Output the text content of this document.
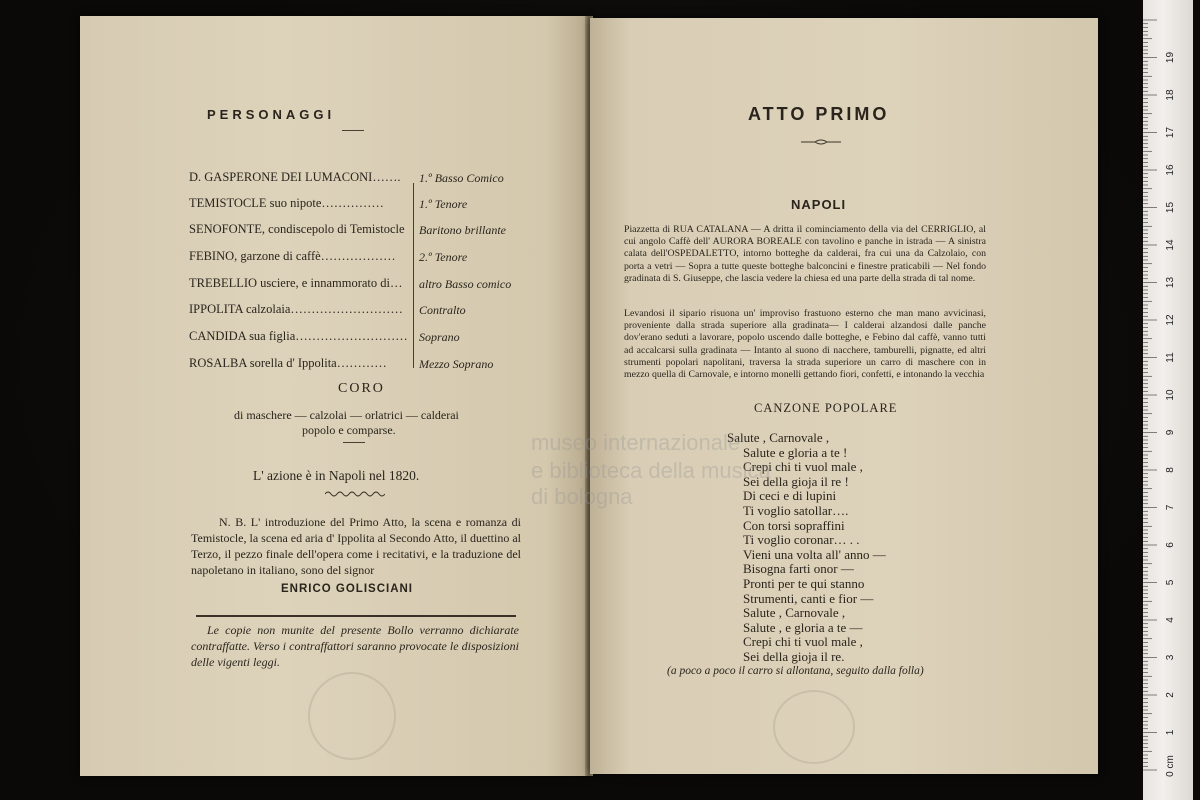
PERSONAGGI
D. GASPERONE DEI LUMACONI……. 1.º Basso Comico
TEMISTOCLE suo nipote……………	1.º Tenore
SENOFONTE, condiscepolo di Temistocle Baritono brillante
FEBINO, garzone di caffè……………… 2.º Tenore
TREBELLIO usciere, e innammorato di… altro Basso comico
IPPOLITA calzolaia……………………… Contralto
CANDIDA sua figlia……………………… Soprano
ROSALBA sorella d' Ippolita…………	Mezzo Soprano
CORO
di maschere — calzolai — orlatrici — calderai
popolo e comparse.
L' azione è in Napoli nel 1820.
N. B. L' introduzione del Primo Atto, la scena e romanza di Temistocle, la scena ed aria d' Ippolita al Secondo Atto, il duettino al Terzo, il pezzo finale dell'opera come i recitativi, e la traduzione del napoletano in italiano, sono del signor
ENRICO GOLISCIANI
Le copie non munite del presente Bollo verranno dichiarate contraffatte. Verso i contraffattori saranno provocate le disposizioni delle vigenti leggi.
ATTO PRIMO
NAPOLI
Piazzetta di RUA CATALANA — A dritta il cominciamento della via del CERRIGLIO, al cui angolo Caffè dell' AURORA BOREALE con tavolino e panche in istrada — A sinistra calata dell'OSPEDALETTO, intorno botteghe da calderai, fra cui una da Calzolaio, con porta a vetri — Sopra a tutte queste botteghe balconcini e finestre praticabili — Nel fondo gradinata di S. Giuseppe, che lascia vedere la chiesa ed una parte della strada di tal nome.
Levandosi il sipario risuona un' improviso frastuono esterno che man mano avvicinasi, proveniente dalla strada superiore alla gradinata— I calderai alzandosi dalle panche dov'erano seduti a lavorare, popolo uscendo dalle botteghe, e Febino dal caffè, vanno tutti ad accalcarsi sulla gradinata — Intanto al suono di nacchere, tamburelli, pignatte, ed altri strumenti popolari napolitani, traversa la strada superiore un carro di maschere con in mezzo quella di Carnovale, e intorno monelli gettando fiori, confetti, e intonando la vecchia
CANZONE POPOLARE
Salute , Carnovale ,
Salute e gloria a te !
Crepi chi ti vuol male ,
Sei della gioja il re !
Di ceci e di lupini
Ti voglio satollar….
Con torsi sopraffini
Ti voglio coronar… . .
Vieni una volta all' anno —
Bisogna farti onor —
Pronti per te qui stanno
Strumenti, canti e fior —
Salute , Carnovale ,
Salute , e gloria a te —
Crepi chi ti vuol male ,
Sei della gioja il re.
(a poco a poco il carro si allontana, seguito dalla folla)
museo internazionale
e biblioteca della musica
di bologna
0 cm
1
2
3
4
5
6
7
8
9
10
11
12
13
14
15
16
17
18
19
